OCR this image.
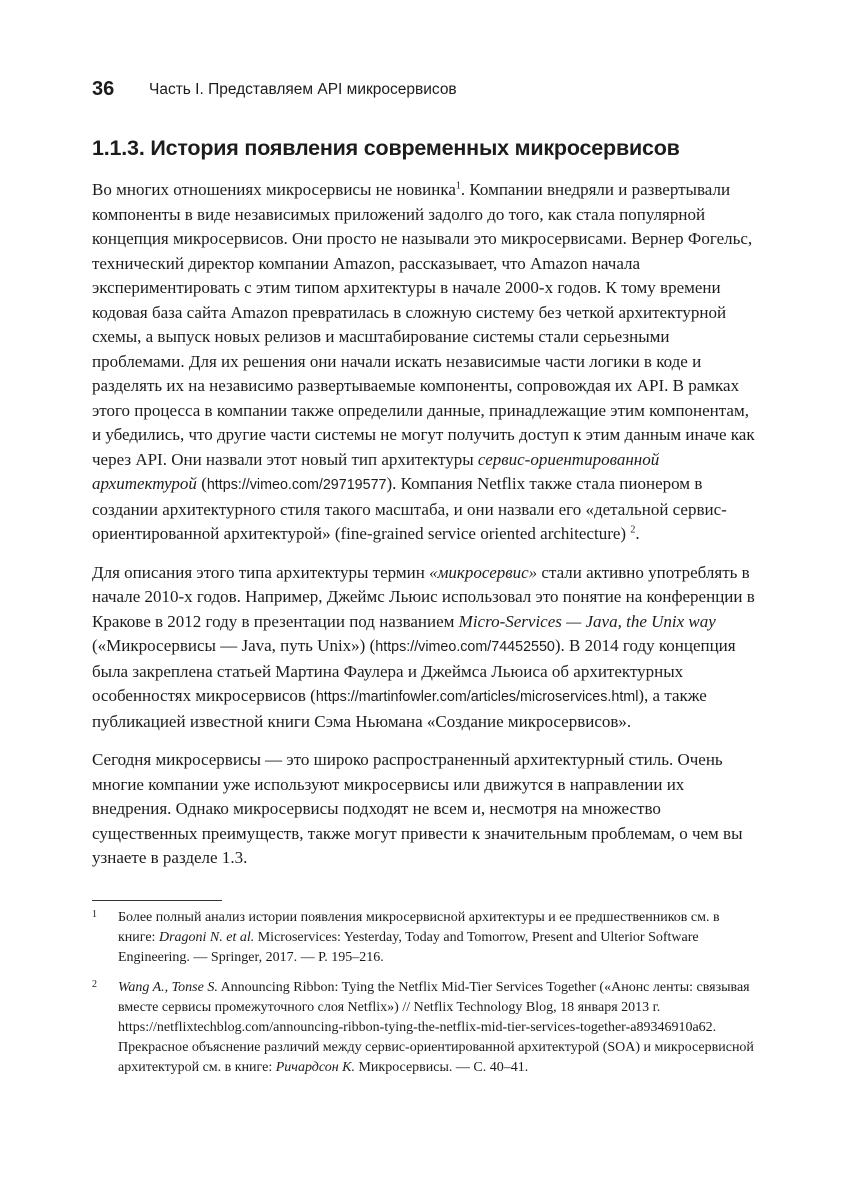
36 Часть I. Представляем API микросервисов
1.1.3. История появления современных микросервисов

Во многих отношениях микросервисы не новинка$^1$. Компании внедряли и развертывали компоненты в виде независимых приложений задолго до того, как стала популярной концепция микросервисов. Они просто не называли это микросервисами. Вернер Фогельс, технический директор компании Amazon, рассказывает, что Amazon начала экспериментировать с этим типом архитектуры в начале 2000-х годов. К тому времени кодовая база сайта Amazon превратилась в сложную систему без четкой архитектурной схемы, а выпуск новых релизов и масштабирование системы стали серьезными проблемами. Для их решения они начали искать независимые части логики в коде и разделять их на независимо развертываемые компоненты, сопровождая их API. В рамках этого процесса в компании также определили данные, принадлежащие этим компонентам, и убедились, что другие части системы не могут получить доступ к этим данным иначе как через API. Они назвали этот новый тип архитектуры сервис-ориентированной архитектурой (https://vimeo.com/29719577). Компания Netflix также стала пионером в создании архитектурного стиля такого масштаба, и они назвали его «детальной сервис-ориентированной архитектурой» (fine-grained service oriented architecture) $^2$.

Для описания этого типа архитектуры термин «микросервис» стали активно употреблять в начале 2010-х годов. Например, Джеймс Льюис использовал это понятие на конференции в Кракове в 2012 году в презентации под названием Micro-Services — Java, the Unix way («Микросервисы — Java, путь Unix») (https://vimeo.com/74452550). В 2014 году концепция была закреплена статьей Мартина Фаулера и Джеймса Льюиса об архитектурных особенностях микросервисов (https://martinfowler.com/articles/microservices.html), а также публикацией известной книги Сэма Ньюмана «Создание микросервисов».

Сегодня микросервисы — это широко распространенный архитектурный стиль. Очень многие компании уже используют микросервисы или движутся в направлении их внедрения. Однако микросервисы подходят не всем и, несмотря на множество существенных преимуществ, также могут привести к значительным проблемам, о чем вы узнаете в разделе 1.3.

1 Более полный анализ истории появления микросервисной архитектуры и ее предшественников см. в книге: Dragoni N. et al. Microservices: Yesterday, Today and Tomorrow, Present and Ulterior Software Engineering. — Springer, 2017. — P. 195–216.
2 Wang A., Tonse S. Announcing Ribbon: Tying the Netflix Mid-Tier Services Together («Анонс ленты: связывая вместе сервисы промежуточного слоя Netflix») // Netflix Technology Blog, 18 января 2013 г. https://netflixtechblog.com/announcing-ribbon-tying-the-netflix-mid-tier-services-together-a89346910a62. Прекрасное объяснение различий между сервис-ориентированной архитектурой (SOA) и микросервисной архитектурой см. в книге: Ричардсон К. Микросервисы. — С. 40–41.
